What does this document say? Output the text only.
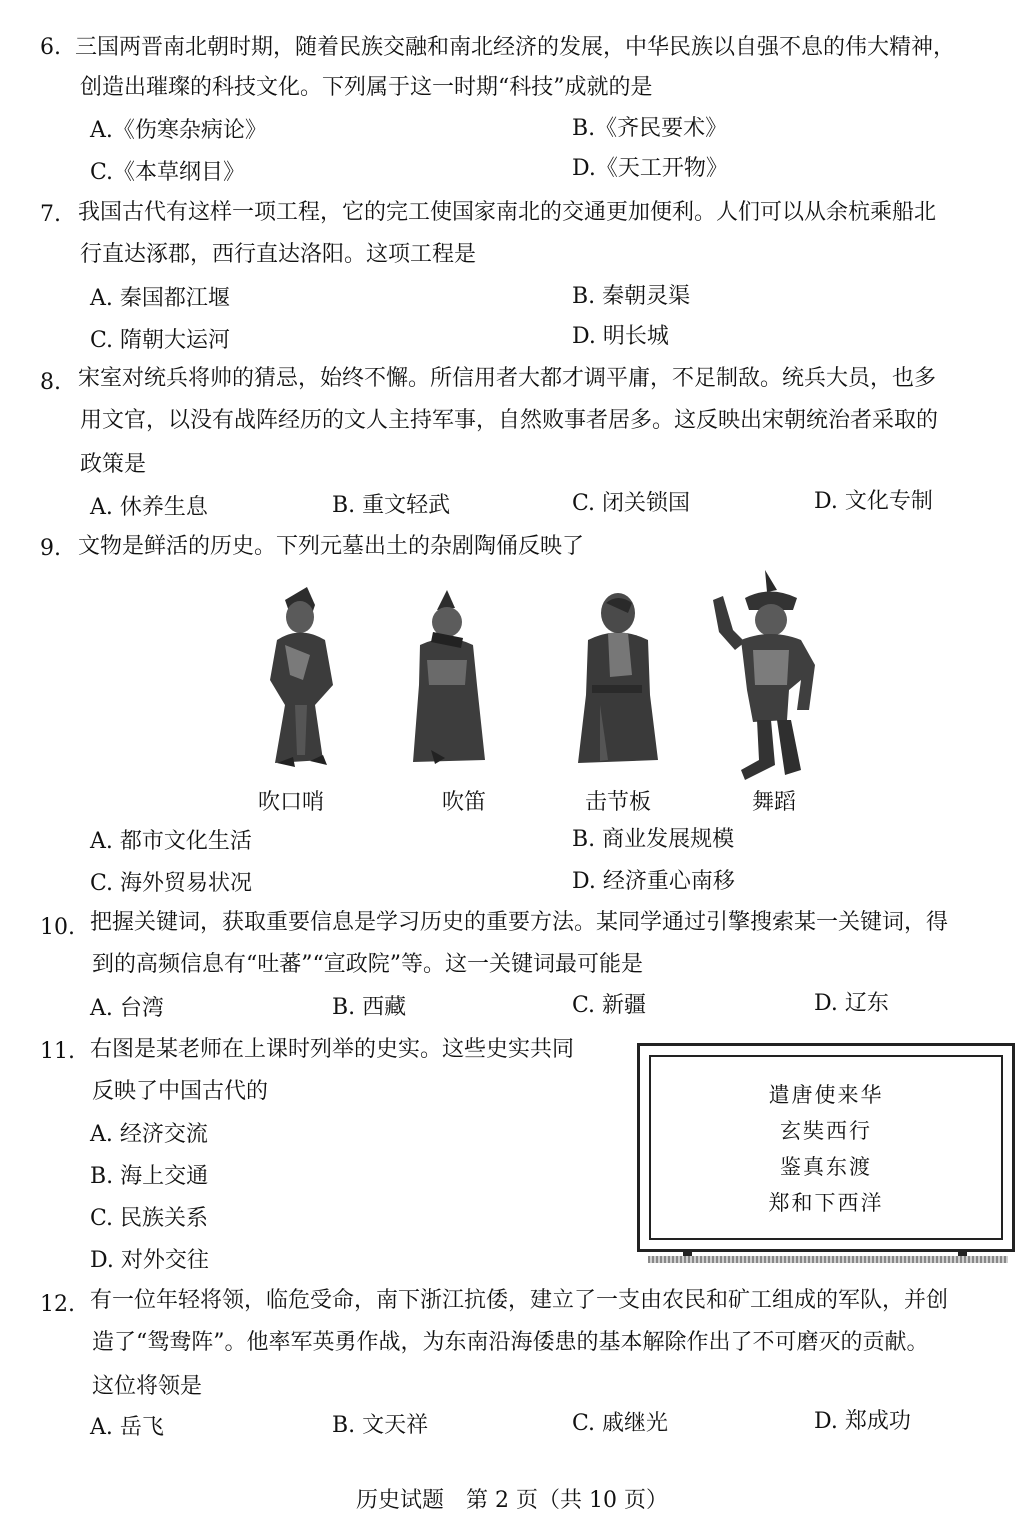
6. 三国两晋南北朝时期，随着民族交融和南北经济的发展，中华民族以自强不息的伟大精神，
创造出璀璨的科技文化。下列属于这一时期“科技”成就的是
A.《伤寒杂病论》	B.《齐民要术》
C.《本草纲目》	D.《天工开物》
7. 我国古代有这样一项工程，它的完工使国家南北的交通更加便利。人们可以从余杭乘船北
行直达涿郡，西行直达洛阳。这项工程是
A. 秦国都江堰	B. 秦朝灵渠
C. 隋朝大运河	D. 明长城
8. 宋室对统兵将帅的猜忌，始终不懈。所信用者大都才调平庸，不足制敌。统兵大员，也多
用文官，以没有战阵经历的文人主持军事，自然败事者居多。这反映出宋朝统治者采取的
政策是
A. 休养生息	B. 重文轻武	C. 闭关锁国	D. 文化专制
9. 文物是鲜活的历史。下列元墓出土的杂剧陶俑反映了
吹口哨	吹笛	击节板	舞蹈
A. 都市文化生活	B. 商业发展规模
C. 海外贸易状况	D. 经济重心南移
10. 把握关键词，获取重要信息是学习历史的重要方法。某同学通过引擎搜索某一关键词，得
到的高频信息有“吐蕃”“宣政院”等。这一关键词最可能是
A. 台湾	B. 西藏	C. 新疆	D. 辽东
11. 右图是某老师在上课时列举的史实。这些史实共同
反映了中国古代的
A. 经济交流
B. 海上交通
C. 民族关系
D. 对外交往
遣唐使来华
玄奘西行
鉴真东渡
郑和下西洋
12. 有一位年轻将领，临危受命，南下浙江抗倭，建立了一支由农民和矿工组成的军队，并创
造了“鸳鸯阵”。他率军英勇作战，为东南沿海倭患的基本解除作出了不可磨灭的贡献。
这位将领是
A. 岳飞	B. 文天祥	C. 戚继光	D. 郑成功
历史试题　第 2 页（共 10 页）
